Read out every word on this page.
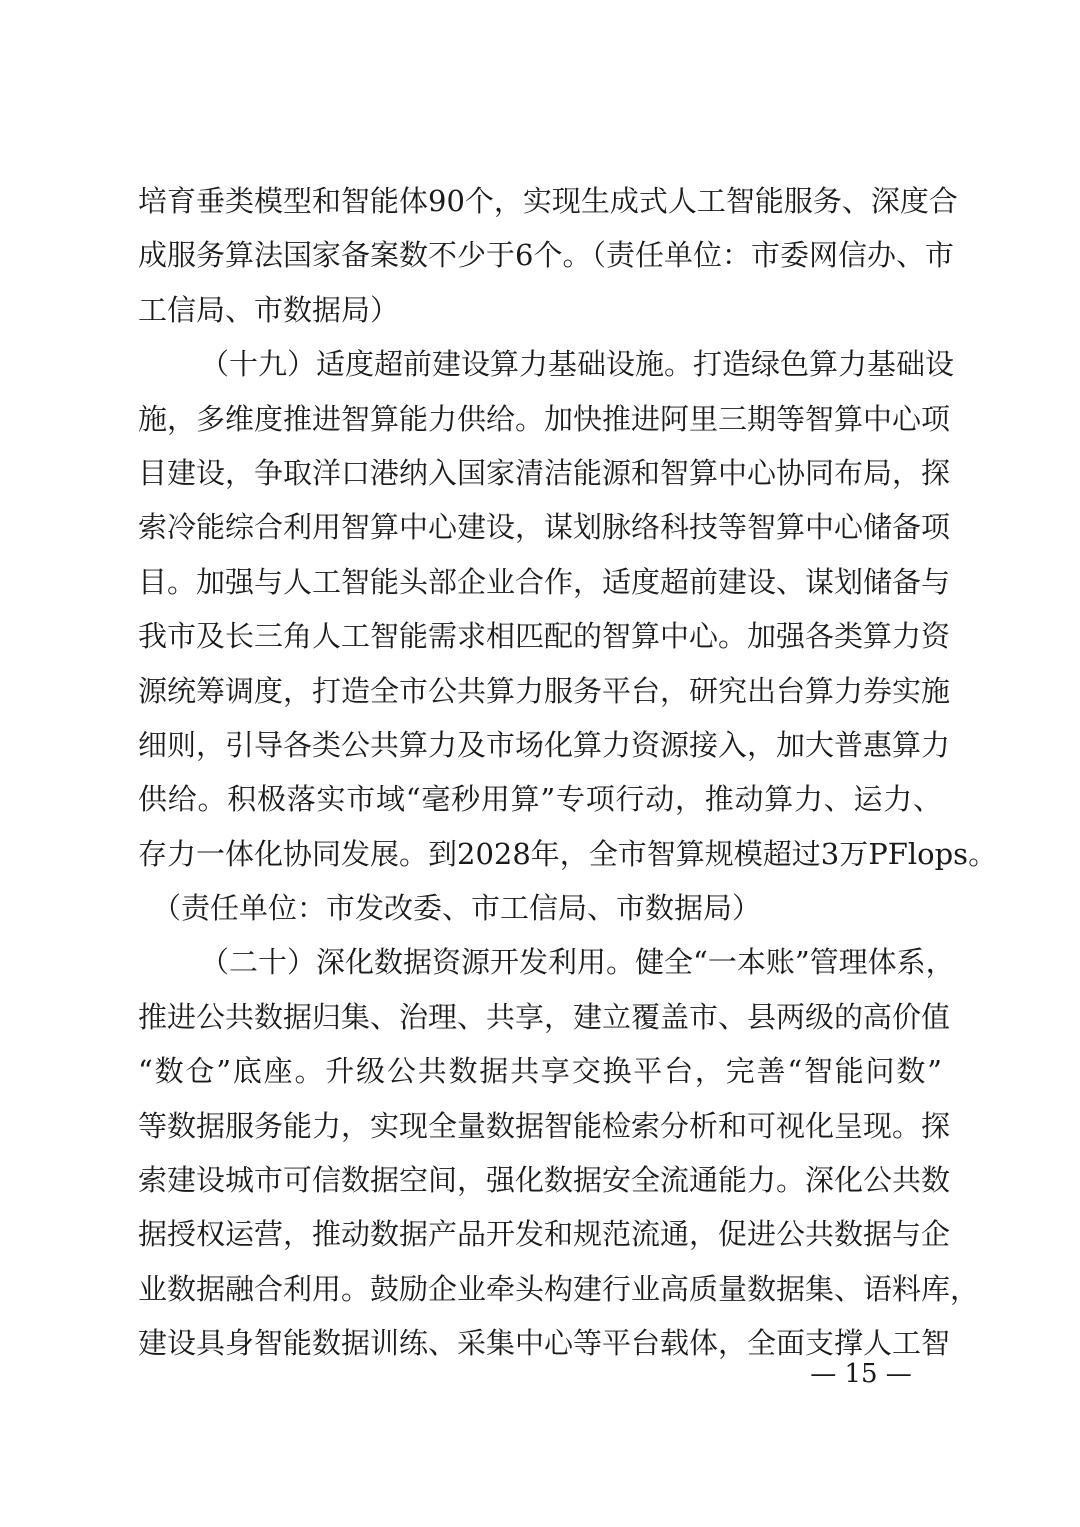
培育垂类模型和智能体90个，实现生成式人工智能服务、深度合
成服务算法国家备案数不少于6个。（责任单位：市委网信办、市
工信局、市数据局）
（十九）适度超前建设算力基础设施。打造绿色算力基础设
施，多维度推进智算能力供给。加快推进阿里三期等智算中心项
目建设，争取洋口港纳入国家清洁能源和智算中心协同布局，探
索冷能综合利用智算中心建设，谋划脉络科技等智算中心储备项
目。加强与人工智能头部企业合作，适度超前建设、谋划储备与
我市及长三角人工智能需求相匹配的智算中心。加强各类算力资
源统筹调度，打造全市公共算力服务平台，研究出台算力券实施
细则，引导各类公共算力及市场化算力资源接入，加大普惠算力
供给。积极落实市域“毫秒用算”专项行动，推动算力、运力、
存力一体化协同发展。到2028年，全市智算规模超过3万PFlops。
（责任单位：市发改委、市工信局、市数据局）
（二十）深化数据资源开发利用。健全“一本账”管理体系，
推进公共数据归集、治理、共享，建立覆盖市、县两级的高价值
“数仓”底座。升级公共数据共享交换平台，完善“智能问数”
等数据服务能力，实现全量数据智能检索分析和可视化呈现。探
索建设城市可信数据空间，强化数据安全流通能力。深化公共数
据授权运营，推动数据产品开发和规范流通，促进公共数据与企
业数据融合利用。鼓励企业牵头构建行业高质量数据集、语料库，
建设具身智能数据训练、采集中心等平台载体，全面支撑人工智
— 15 —
